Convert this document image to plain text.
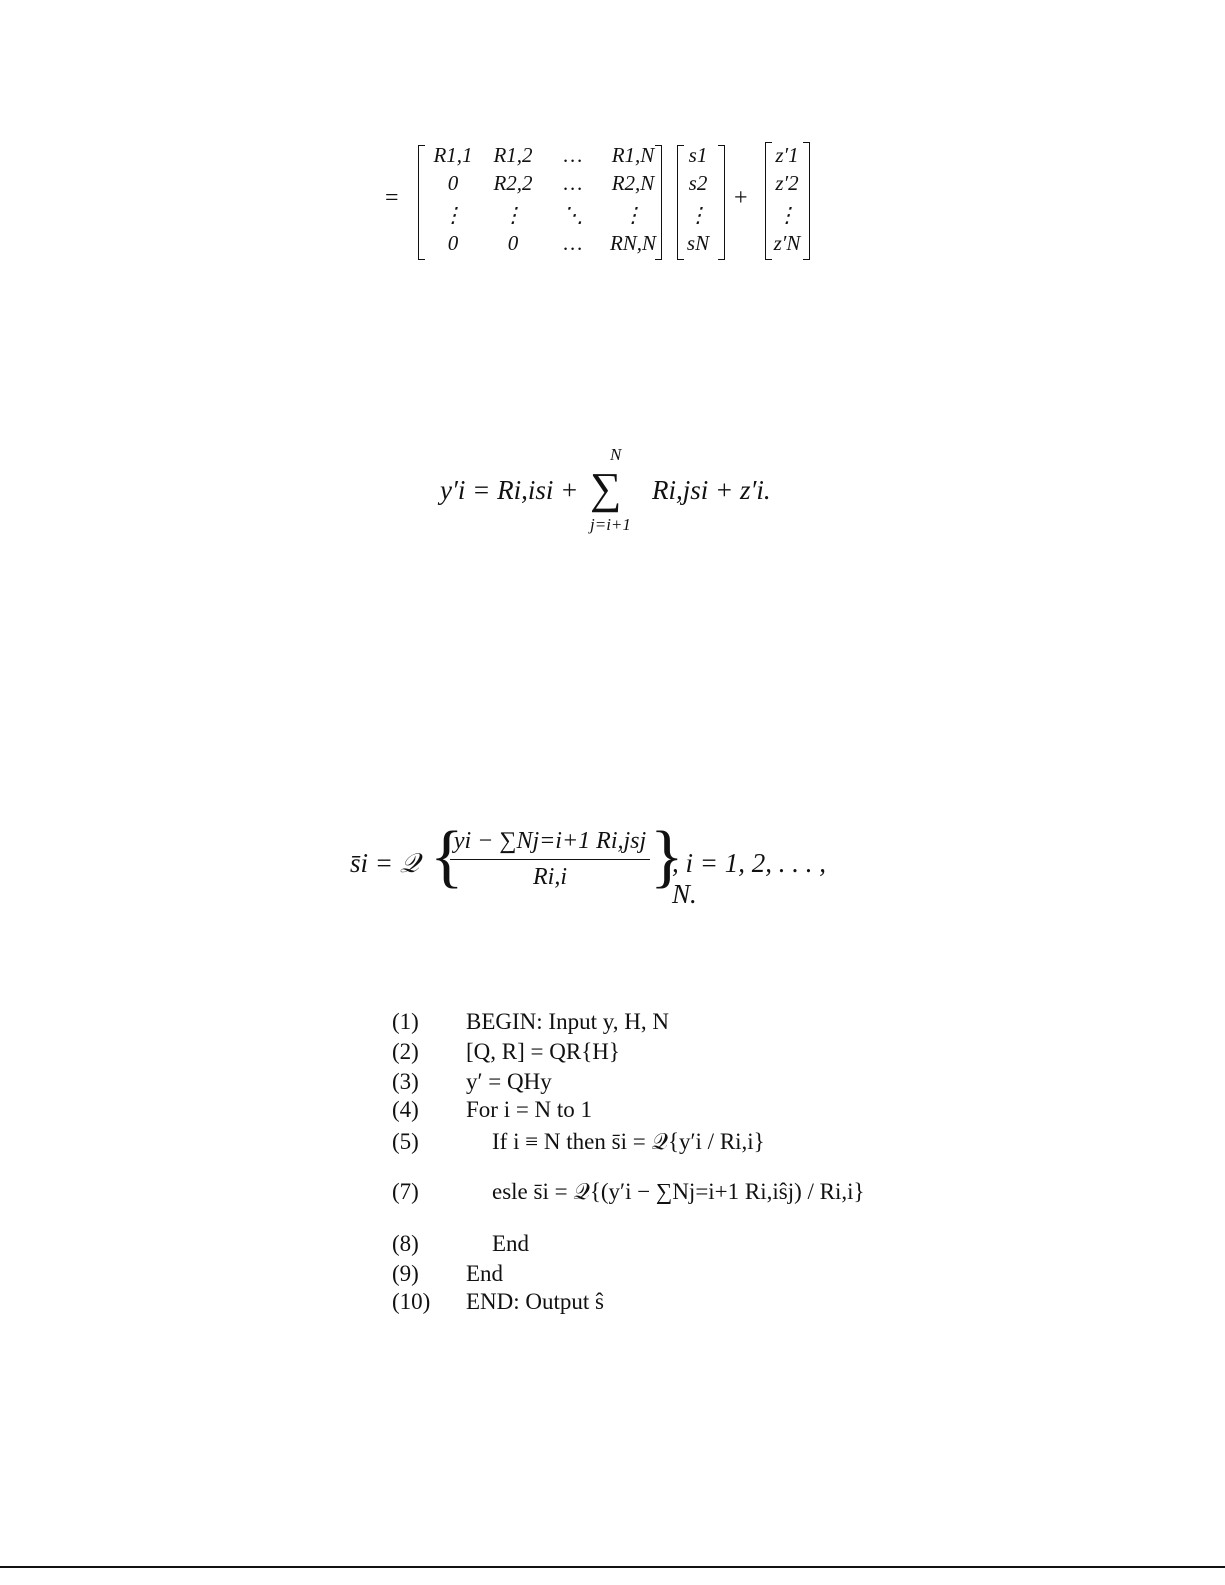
=
R1,1 R1,2	…	R1,N
0	R2,2	…	R2,N
⋮	⋮	⋱	⋮
0	0	…	RN,N
s1
s2
⋮
sN
+
z′1
z′2
⋮
z′N
y′i = Ri,isi + ∑
N
j=i+1
Ri,jsi + z′i.
s̄i = 𝒬 {
yi − ∑Nj=i+1 Ri,jsj
Ri,i	}
, i = 1, 2, . . . , N.
(1)	BEGIN: Input y, H, N
(2)	[Q, R] = QR{H}
(3)	y′ = QHy
(4)	For i = N to 1
(5)	If i ≡ N then s̄i = 𝒬{y′i / Ri,i}
(7)	esle s̄i = 𝒬{(y′i − ∑Nj=i+1 Ri,iŝj) / Ri,i}
(8)	End
(9)	End
(10)	END: Output ŝ
